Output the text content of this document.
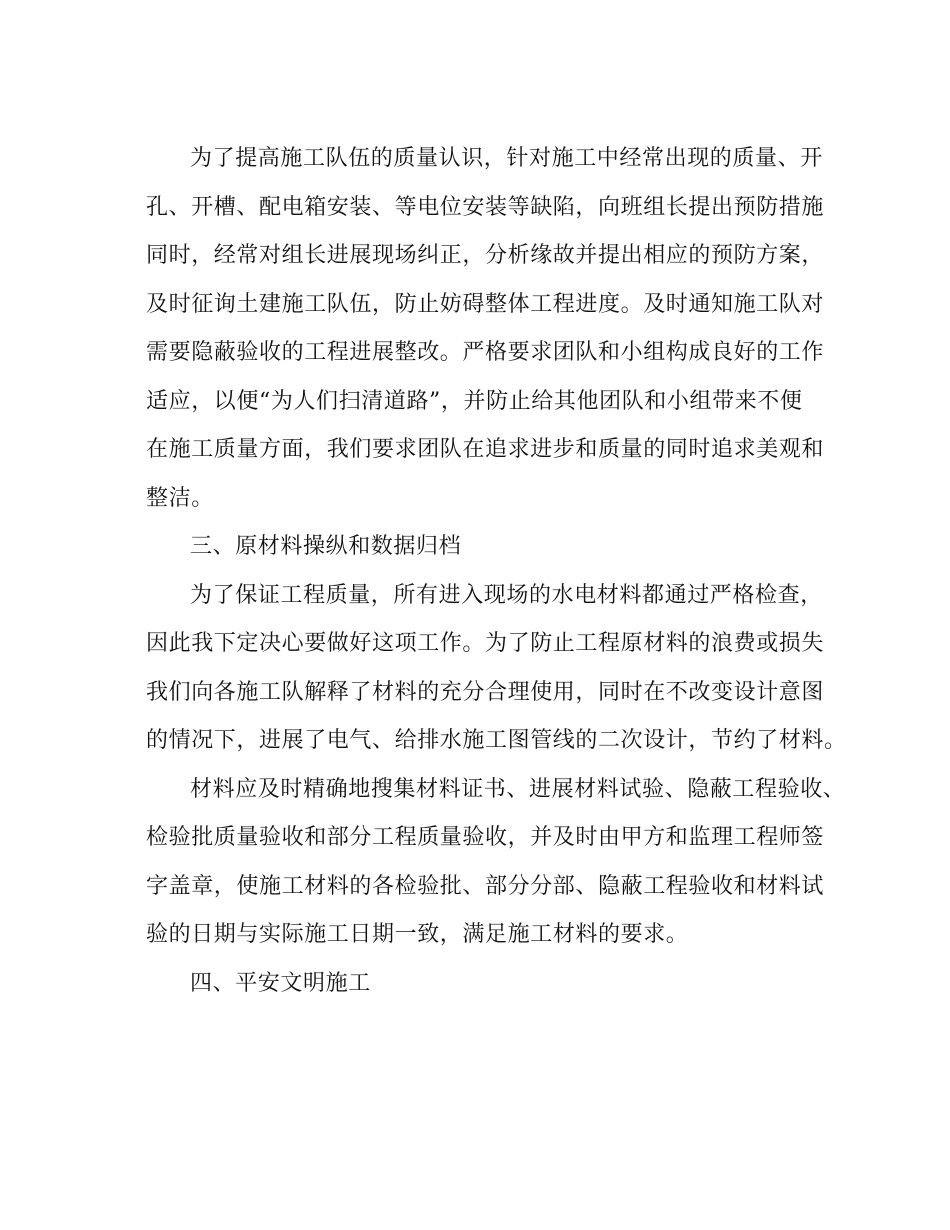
为了提高施工队伍的质量认识，针对施工中经常出现的质量、开
孔、开槽、配电箱安装、等电位安装等缺陷，向班组长提出预防措施
同时，经常对组长进展现场纠正，分析缘故并提出相应的预防方案，
及时征询土建施工队伍，防止妨碍整体工程进度。及时通知施工队对
需要隐蔽验收的工程进展整改。严格要求团队和小组构成良好的工作
适应，以便“为人们扫清道路”，并防止给其他团队和小组带来不便
在施工质量方面，我们要求团队在追求进步和质量的同时追求美观和
整洁。
三、原材料操纵和数据归档
为了保证工程质量，所有进入现场的水电材料都通过严格检查，
因此我下定决心要做好这项工作。为了防止工程原材料的浪费或损失
我们向各施工队解释了材料的充分合理使用，同时在不改变设计意图
的情况下，进展了电气、给排水施工图管线的二次设计，节约了材料。
材料应及时精确地搜集材料证书、进展材料试验、隐蔽工程验收、
检验批质量验收和部分工程质量验收，并及时由甲方和监理工程师签
字盖章，使施工材料的各检验批、部分分部、隐蔽工程验收和材料试
验的日期与实际施工日期一致，满足施工材料的要求。
四、平安文明施工
